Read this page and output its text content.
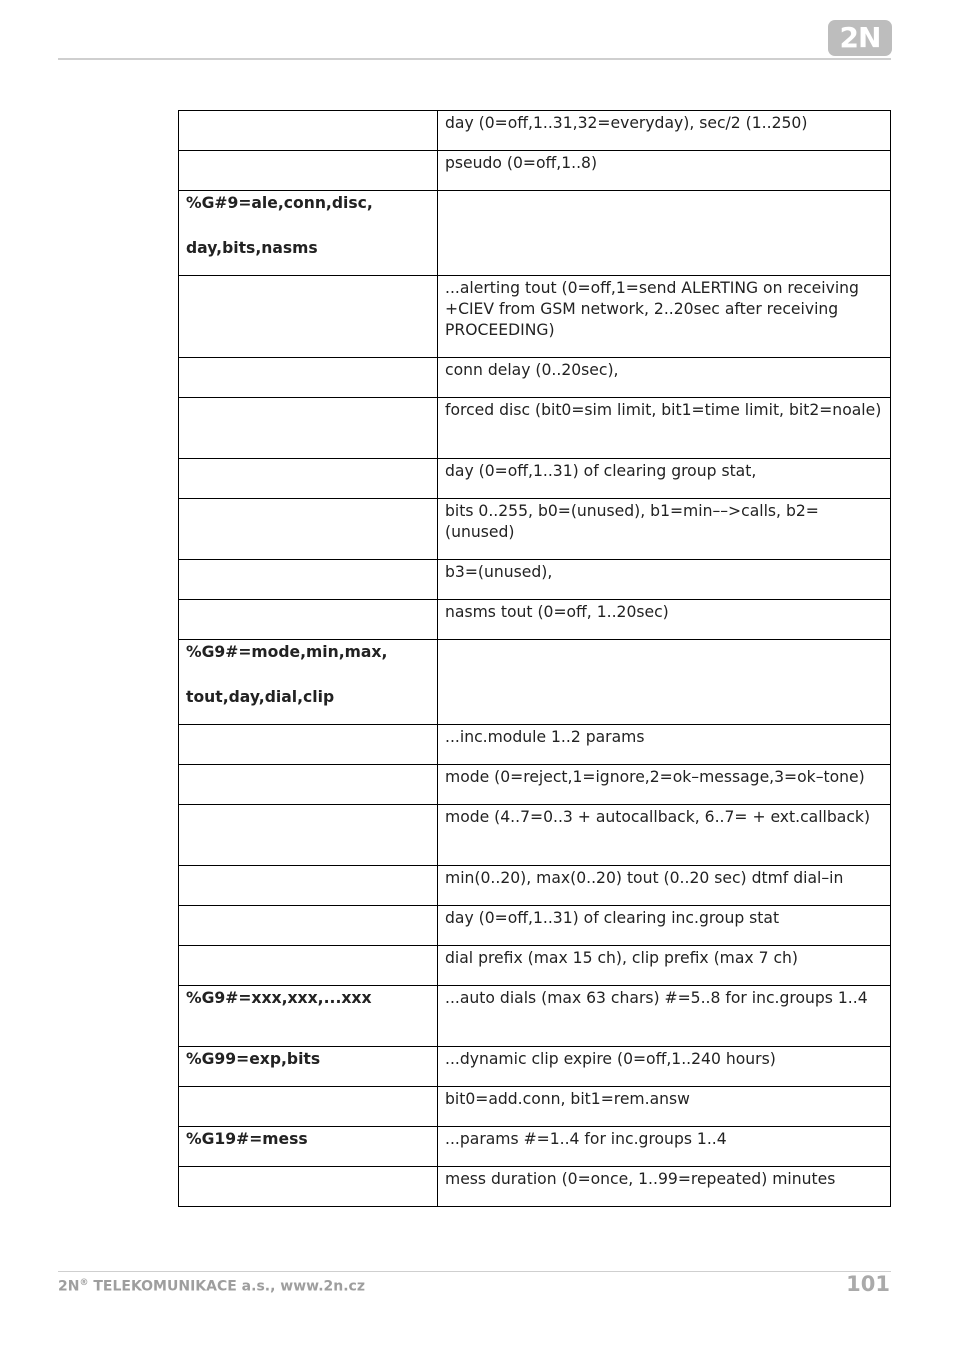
2N
	day (0=off,1..31,32=everyday), sec/2 (1..250)
	pseudo (0=off,1..8)
%G#9=ale,conn,disc,
day,bits,nasms	
	...alerting tout (0=off,1=send ALERTING on receiving +CIEV from GSM network, 2..20sec after receiving PROCEEDING)
	conn delay (0..20sec),
	forced disc (bit0=sim limit, bit1=time limit, bit2=noale)
	day (0=off,1..31) of clearing group stat,
	bits 0..255, b0=(unused), b1=min––>calls, b2=(unused)
	b3=(unused),
	nasms tout (0=off, 1..20sec)
%G9#=mode,min,max,
tout,day,dial,clip	
	...inc.module 1..2 params
	mode (0=reject,1=ignore,2=ok–message,3=ok–tone)
	mode (4..7=0..3 + autocallback, 6..7= + ext.callback)
	min(0..20), max(0..20) tout (0..20 sec) dtmf dial–in
	day (0=off,1..31) of clearing inc.group stat
	dial prefix (max 15 ch), clip prefix (max 7 ch)
%G9#=xxx,xxx,...xxx	...auto dials (max 63 chars) #=5..8 for inc.groups 1..4
%G99=exp,bits	...dynamic clip expire (0=off,1..240 hours)
	bit0=add.conn, bit1=rem.answ
%G19#=mess	...params #=1..4 for inc.groups 1..4
	mess duration (0=once, 1..99=repeated) minutes
2N® TELEKOMUNIKACE a.s., www.2n.cz	101
